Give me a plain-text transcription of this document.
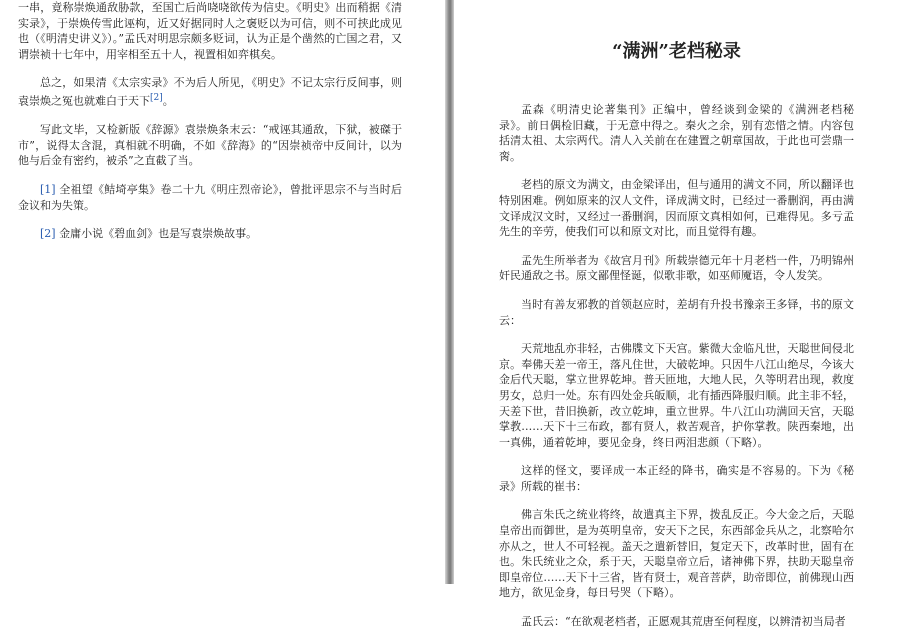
一串，竟称崇焕通敌胁款，至国亡后尚哓哓欲传为信史。《明史》出而稍据《清实录》，于崇焕传雪此诬枸，近又好据同时人之褒贬以为可信，则不可挟此成见也（《明清史讲义》）。”孟氏对明思宗颇多贬词，认为正是个凿然的亡国之君，又谓崇祯十七年中，用宰相至五十人，视置相如弈棋矣。

总之，如果清《太宗实录》不为后人所见，《明史》不记太宗行反间事，则袁崇焕之冤也就难白于天下[2]。

写此文毕，又检新版《辞源》袁崇焕条末云：“戒诬其通敌，下狱，被磔于市”，说得太含混，真相就不明确，不如《辞海》的“因崇祯帝中反间计，以为他与后金有密约，被杀”之直截了当。

[1] 全祖望《鲒埼亭集》卷二十九《明庄烈帝论》，曾批评思宗不与当时后金议和为失策。

[2] 金庸小说《碧血剑》也是写袁崇焕故事。

“满洲”老档秘录

孟森《明清史论著集刊》正编中，曾经谈到金梁的《满洲老档秘录》。前日偶检旧藏，于无意中得之。秦火之余，别有恋惜之情。内容包括清太祖、太宗两代。清人入关前在在建置之朝章国故，于此也可尝鼎一脔。

老档的原文为满文，由金梁译出，但与通用的满文不同，所以翻译也特别困难。例如原来的汉人文件，译成满文时，已经过一番删润，再由满文译成汉文时，又经过一番删润，因而原文真相如何，已难得见。多亏孟先生的辛劳，使我们可以和原文对比，而且觉得有趣。

孟先生所举者为《故宫月刊》所载崇德元年十月老档一件，乃明锦州奸民通敌之书。原文鄙俚怪诞，似歌非歌，如巫师魇语，令人发笑。

当时有善友邪教的首领赵应时，差胡有升投书豫亲王多铎，书的原文云：

天荒地乱亦非轻，古佛牒文下天宫。紫微大金临凡世，天聪世间侵北京。奉佛天差一帝王，落凡住世，大破乾坤。只因牛八江山绝尽，今该大金后代天聪，掌立世界乾坤。普天匝地，大地人民，久等明君出现，救度男女，总归一处。东有四处金兵皈顺，北有插西降服归顺。此主非不轻，天差下世，昔旧换新，改立乾坤，重立世界。牛八江山功满回天宫，天聪掌教……天下十三布政，都有贤人，救苦观音，护你掌教。陕西秦地，出一真佛，通着乾坤，要见金身，终日两泪悲颜（下略）。

这样的怪文，要译成一本正经的降书，确实是不容易的。下为《秘录》所载的崔书：

佛言朱氏之统业将终，故遣真主下界，拨乱反正。今大金之后，天聪皇帝出而御世，是为英明皇帝，安天下之民，东西部金兵从之，北察哈尔亦从之，世人不可轻视。盖天之遣新替旧，复定天下，改革时世，固有在也。朱氏统业之众，系于天，天聪皇帝立后，诸神佛下界，扶助天聪皇帝即皇帝位……天下十三省，皆有贤士，观音菩萨，助帝即位，前佛现山西地方，欲见金身，每日号哭（下略）。

孟氏云：“在欲观老档者，正愿观其荒唐至何程度，以辨清初当局者
